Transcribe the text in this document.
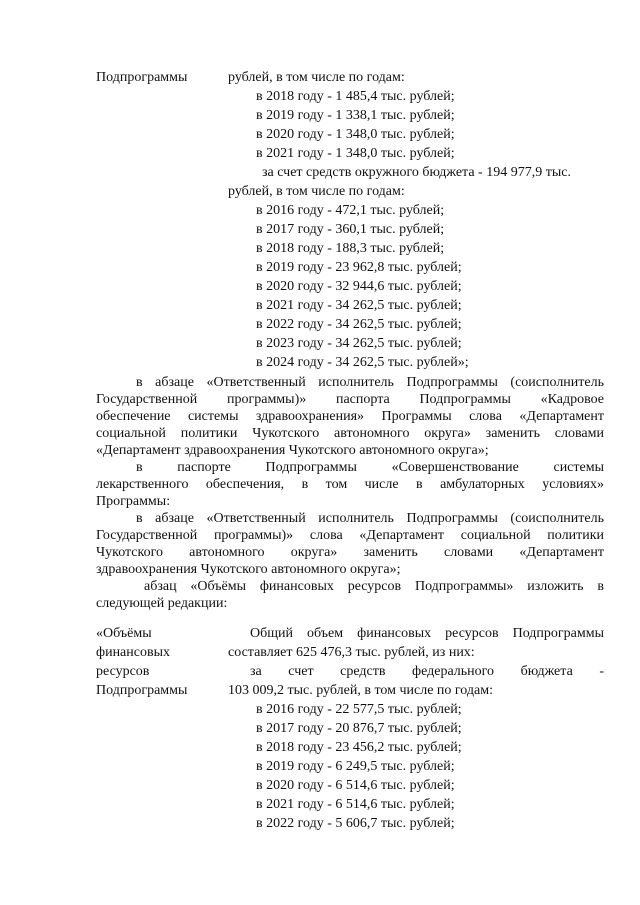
Подпрограммы	рублей, в том числе по годам:
в 2018 году - 1 485,4 тыс. рублей;
в 2019 году - 1 338,1 тыс. рублей;
в 2020 году - 1 348,0 тыс. рублей;
в 2021 году - 1 348,0 тыс. рублей;
за счет средств окружного бюджета - 194 977,9 тыс.
рублей, в том числе по годам:
в 2016 году - 472,1 тыс. рублей;
в 2017 году - 360,1 тыс. рублей;
в 2018 году - 188,3 тыс. рублей;
в 2019 году - 23 962,8 тыс. рублей;
в 2020 году - 32 944,6 тыс. рублей;
в 2021 году - 34 262,5 тыс. рублей;
в 2022 году - 34 262,5 тыс. рублей;
в 2023 году - 34 262,5 тыс. рублей;
в 2024 году - 34 262,5 тыс. рублей»;
в абзаце «Ответственный исполнитель Подпрограммы (соисполнитель
Государственной программы)» паспорта Подпрограммы «Кадровое
обеспечение системы здравоохранения» Программы слова «Департамент
социальной политики Чукотского автономного округа» заменить словами
«Департамент здравоохранения Чукотского автономного округа»;
в паспорте Подпрограммы «Совершенствование системы
лекарственного обеспечения, в том числе в амбулаторных условиях»
Программы:
в абзаце «Ответственный исполнитель Подпрограммы (соисполнитель
Государственной программы)» слова «Департамент социальной политики
Чукотского автономного округа» заменить словами «Департамент
здравоохранения Чукотского автономного округа»;
абзац «Объёмы финансовых ресурсов Подпрограммы» изложить в
следующей редакции:
«Объёмы
финансовых
ресурсов
Подпрограммы
Общий объем финансовых ресурсов Подпрограммы
составляет 625 476,3 тыс. рублей, из них:
за счет средств федерального бюджета -
103 009,2 тыс. рублей, в том числе по годам:
в 2016 году - 22 577,5 тыс. рублей;
в 2017 году - 20 876,7 тыс. рублей;
в 2018 году - 23 456,2 тыс. рублей;
в 2019 году - 6 249,5 тыс. рублей;
в 2020 году - 6 514,6 тыс. рублей;
в 2021 году - 6 514,6 тыс. рублей;
в 2022 году - 5 606,7 тыс. рублей;
